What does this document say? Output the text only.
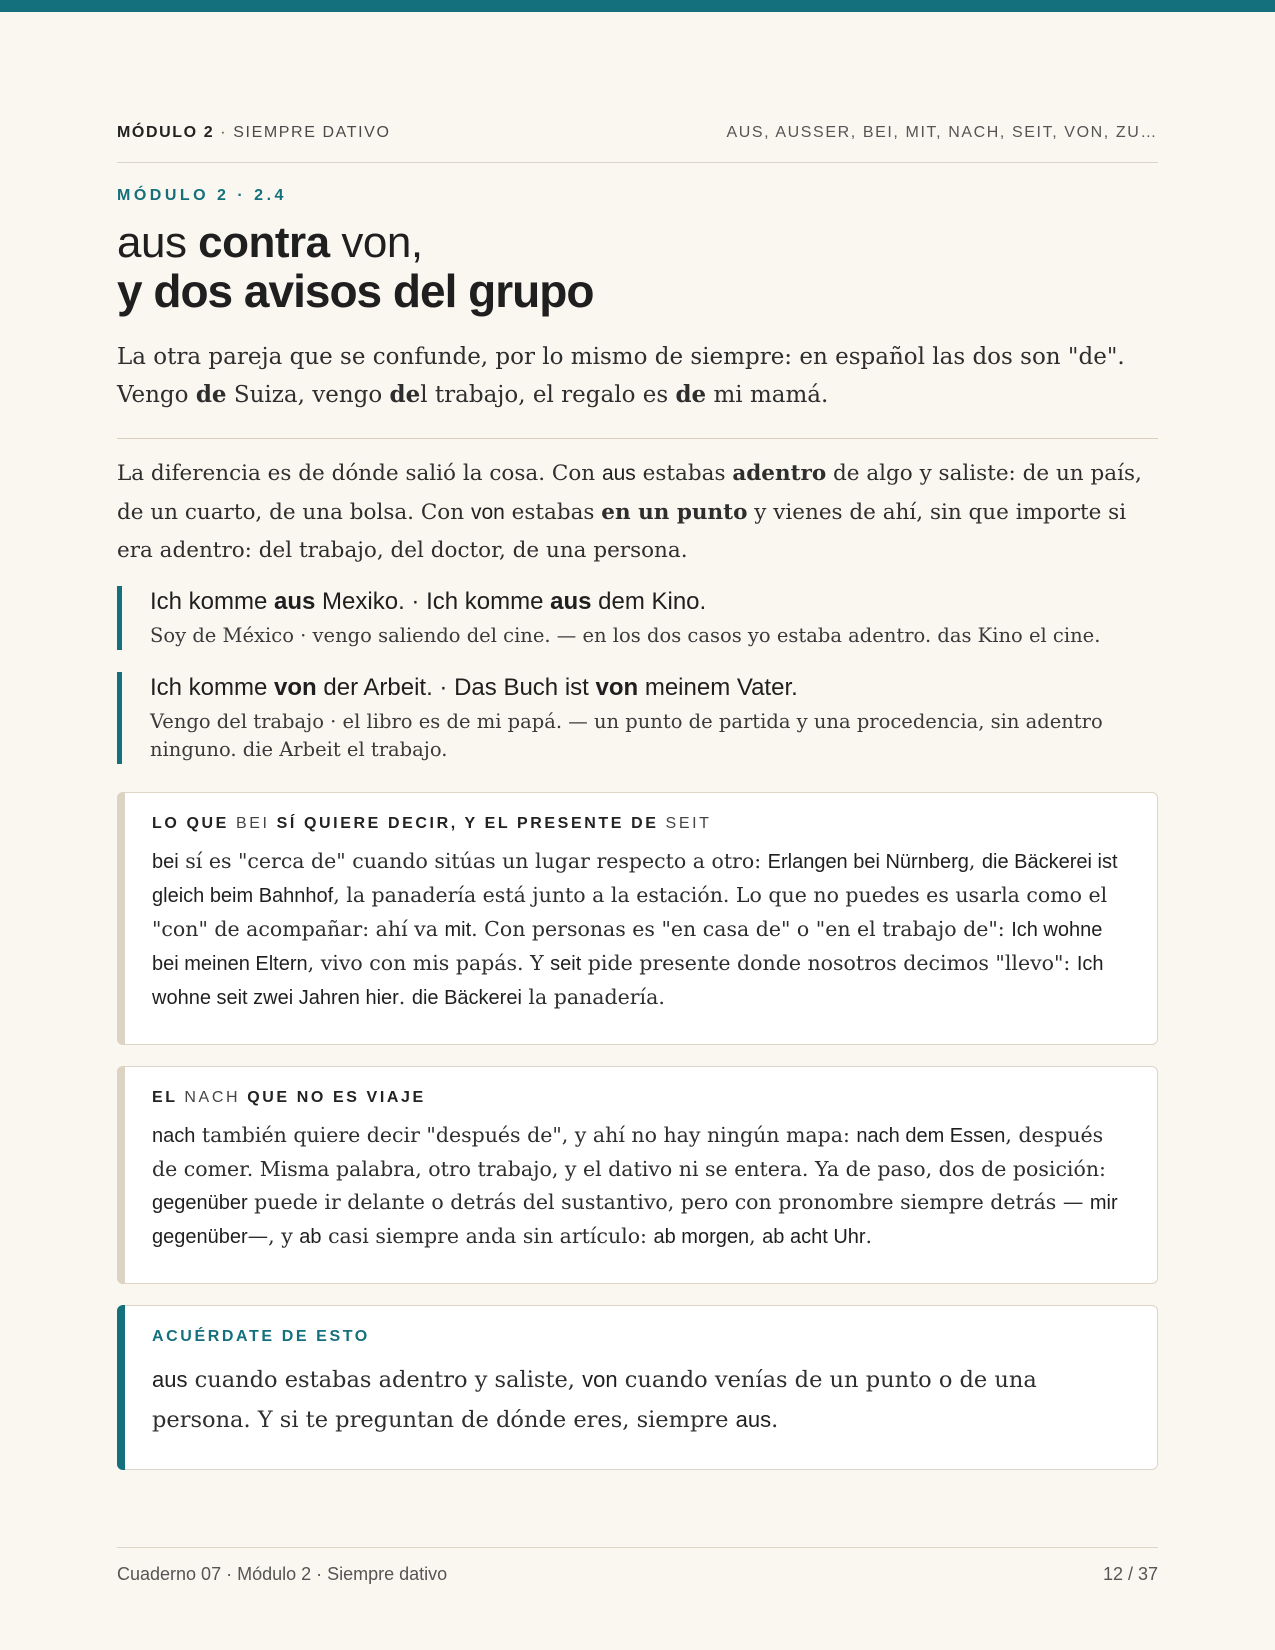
MÓDULO 2 · SIEMPRE DATIVO	AUS, AUSSER, BEI, MIT, NACH, SEIT, VON, ZU…
MÓDULO 2 · 2.4
aus contra von,
y dos avisos del grupo
La otra pareja que se confunde, por lo mismo de siempre: en español las dos son "de". Vengo de Suiza, vengo del trabajo, el regalo es de mi mamá.
La diferencia es de dónde salió la cosa. Con aus estabas adentro de algo y saliste: de un país, de un cuarto, de una bolsa. Con von estabas en un punto y vienes de ahí, sin que importe si era adentro: del trabajo, del doctor, de una persona.
Ich komme aus Mexiko. · Ich komme aus dem Kino.
Soy de México · vengo saliendo del cine. — en los dos casos yo estaba adentro. das Kino el cine.
Ich komme von der Arbeit. · Das Buch ist von meinem Vater.
Vengo del trabajo · el libro es de mi papá. — un punto de partida y una procedencia, sin adentro ninguno. die Arbeit el trabajo.
LO QUE BEI SÍ QUIERE DECIR, Y EL PRESENTE DE SEIT
bei sí es "cerca de" cuando sitúas un lugar respecto a otro: Erlangen bei Nürnberg, die Bäckerei ist gleich beim Bahnhof, la panadería está junto a la estación. Lo que no puedes es usarla como el "con" de acompañar: ahí va mit. Con personas es "en casa de" o "en el trabajo de": Ich wohne bei meinen Eltern, vivo con mis papás. Y seit pide presente donde nosotros decimos "llevo": Ich wohne seit zwei Jahren hier. die Bäckerei la panadería.
EL NACH QUE NO ES VIAJE
nach también quiere decir "después de", y ahí no hay ningún mapa: nach dem Essen, después de comer. Misma palabra, otro trabajo, y el dativo ni se entera. Ya de paso, dos de posición: gegenüber puede ir delante o detrás del sustantivo, pero con pronombre siempre detrás — mir gegenüber—, y ab casi siempre anda sin artículo: ab morgen, ab acht Uhr.
ACUÉRDATE DE ESTO
aus cuando estabas adentro y saliste, von cuando venías de un punto o de una persona. Y si te preguntan de dónde eres, siempre aus.
Cuaderno 07 · Módulo 2 · Siempre dativo	12 / 37
